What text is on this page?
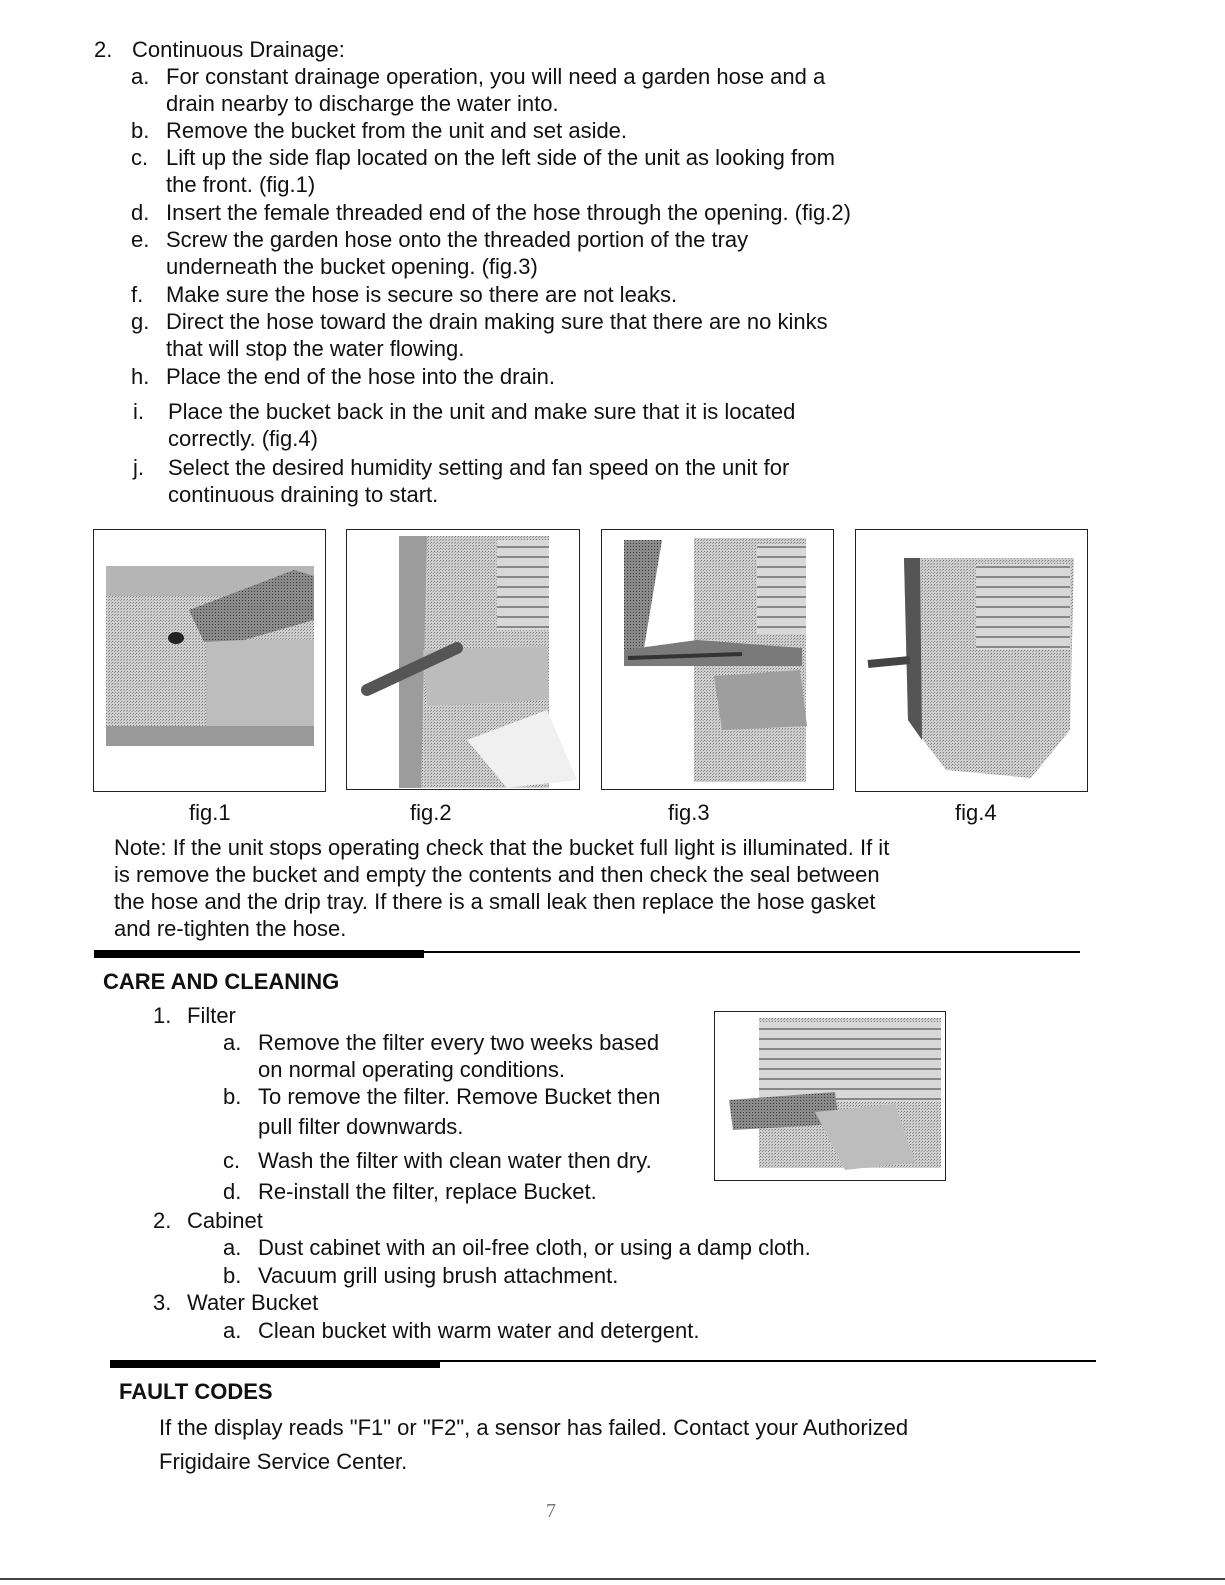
2. Continuous Drainage:
a. For constant drainage operation, you will need a garden hose and a
drain nearby to discharge the water into.
b. Remove the bucket from the unit and set aside.
c. Lift up the side flap located on the left side of the unit as looking from
the front. (fig.1)
d. Insert the female threaded end of the hose through the opening. (fig.2)
e. Screw the garden hose onto the threaded portion of the tray
underneath the bucket opening. (fig.3)
f. Make sure the hose is secure so there are not leaks.
g. Direct the hose toward the drain making sure that there are no kinks
that will stop the water flowing.
h. Place the end of the hose into the drain.
i. Place the bucket back in the unit and make sure that it is located
correctly. (fig.4)
j. Select the desired humidity setting and fan speed on the unit for
continuous draining to start.
fig.1	fig.2	fig.3	fig.4
Note: If the unit stops operating check that the bucket full light is illuminated. If it
is remove the bucket and empty the contents and then check the seal between
the hose and the drip tray. If there is a small leak then replace the hose gasket
and re-tighten the hose.
CARE AND CLEANING
1. Filter
a. Remove the filter every two weeks based
on normal operating conditions.
b. To remove the filter. Remove Bucket then
pull filter downwards.
c. Wash the filter with clean water then dry.
d. Re-install the filter, replace Bucket.
2. Cabinet
a. Dust cabinet with an oil-free cloth, or using a damp cloth.
b. Vacuum grill using brush attachment.
3. Water Bucket
a. Clean bucket with warm water and detergent.
FAULT CODES
If the display reads "F1" or "F2", a sensor has failed. Contact your Authorized
Frigidaire Service Center.
7
